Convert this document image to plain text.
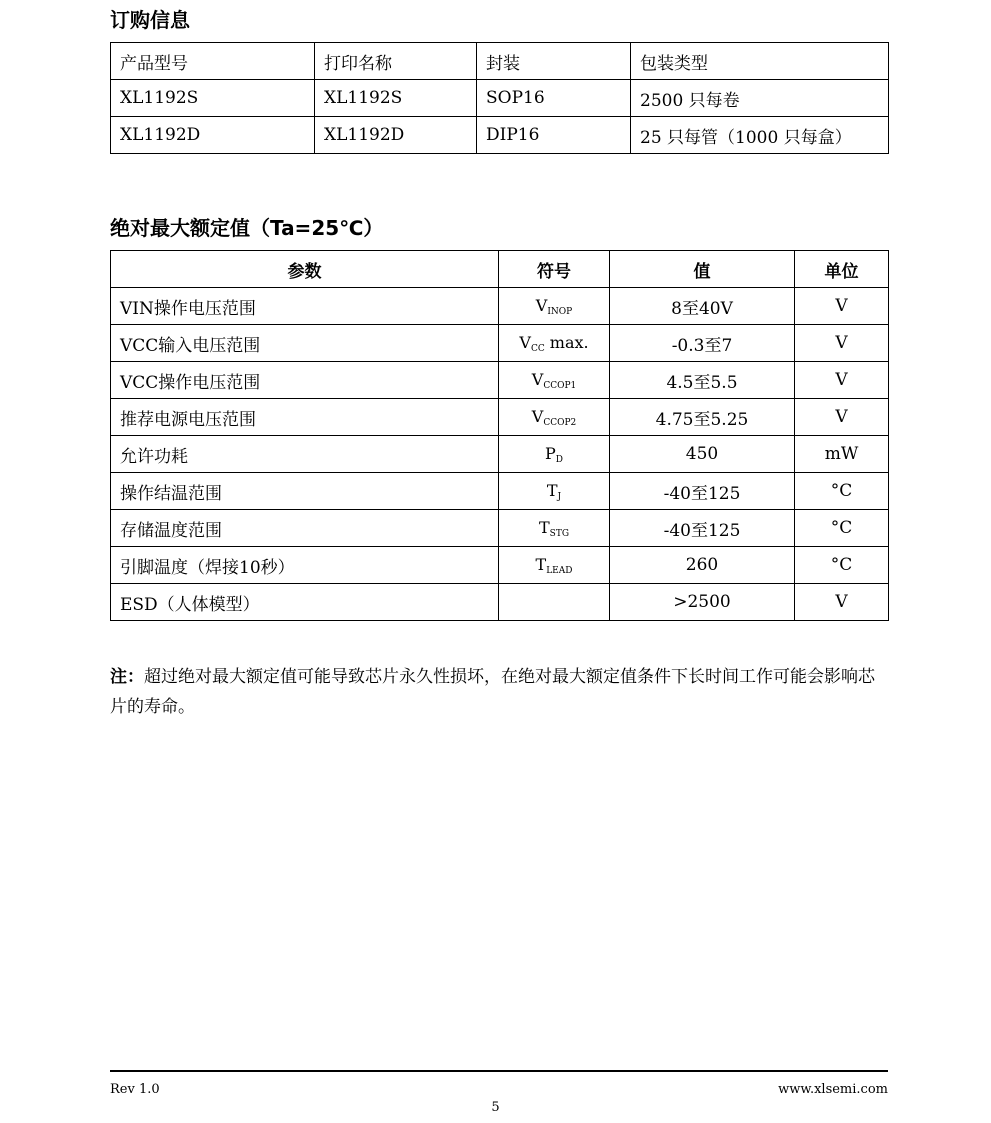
订购信息
产品型号	打印名称	封装	包装类型
XL1192S	XL1192S	SOP16	2500 只每卷
XL1192D	XL1192D	DIP16	25 只每管（1000 只每盒）
绝对最大额定值（Ta=25℃）
参数	符号	值	单位
VIN操作电压范围	VINOP	8至40V	V
VCC输入电压范围	VCC max.	-0.3至7	V
VCC操作电压范围	VCCOP1	4.5至5.5	V
推荐电源电压范围	VCCOP2	4.75至5.25	V
允许功耗	PD	450	mW
操作结温范围	TJ	-40至125	°C
存储温度范围	TSTG	-40至125	°C
引脚温度（焊接10秒）	TLEAD	260	°C
ESD（人体模型）		>2500	V

注：超过绝对最大额定值可能导致芯片永久性损坏，在绝对最大额定值条件下长时间工作可能会影响芯片的寿命。

Rev 1.0	www.xlsemi.com
5
